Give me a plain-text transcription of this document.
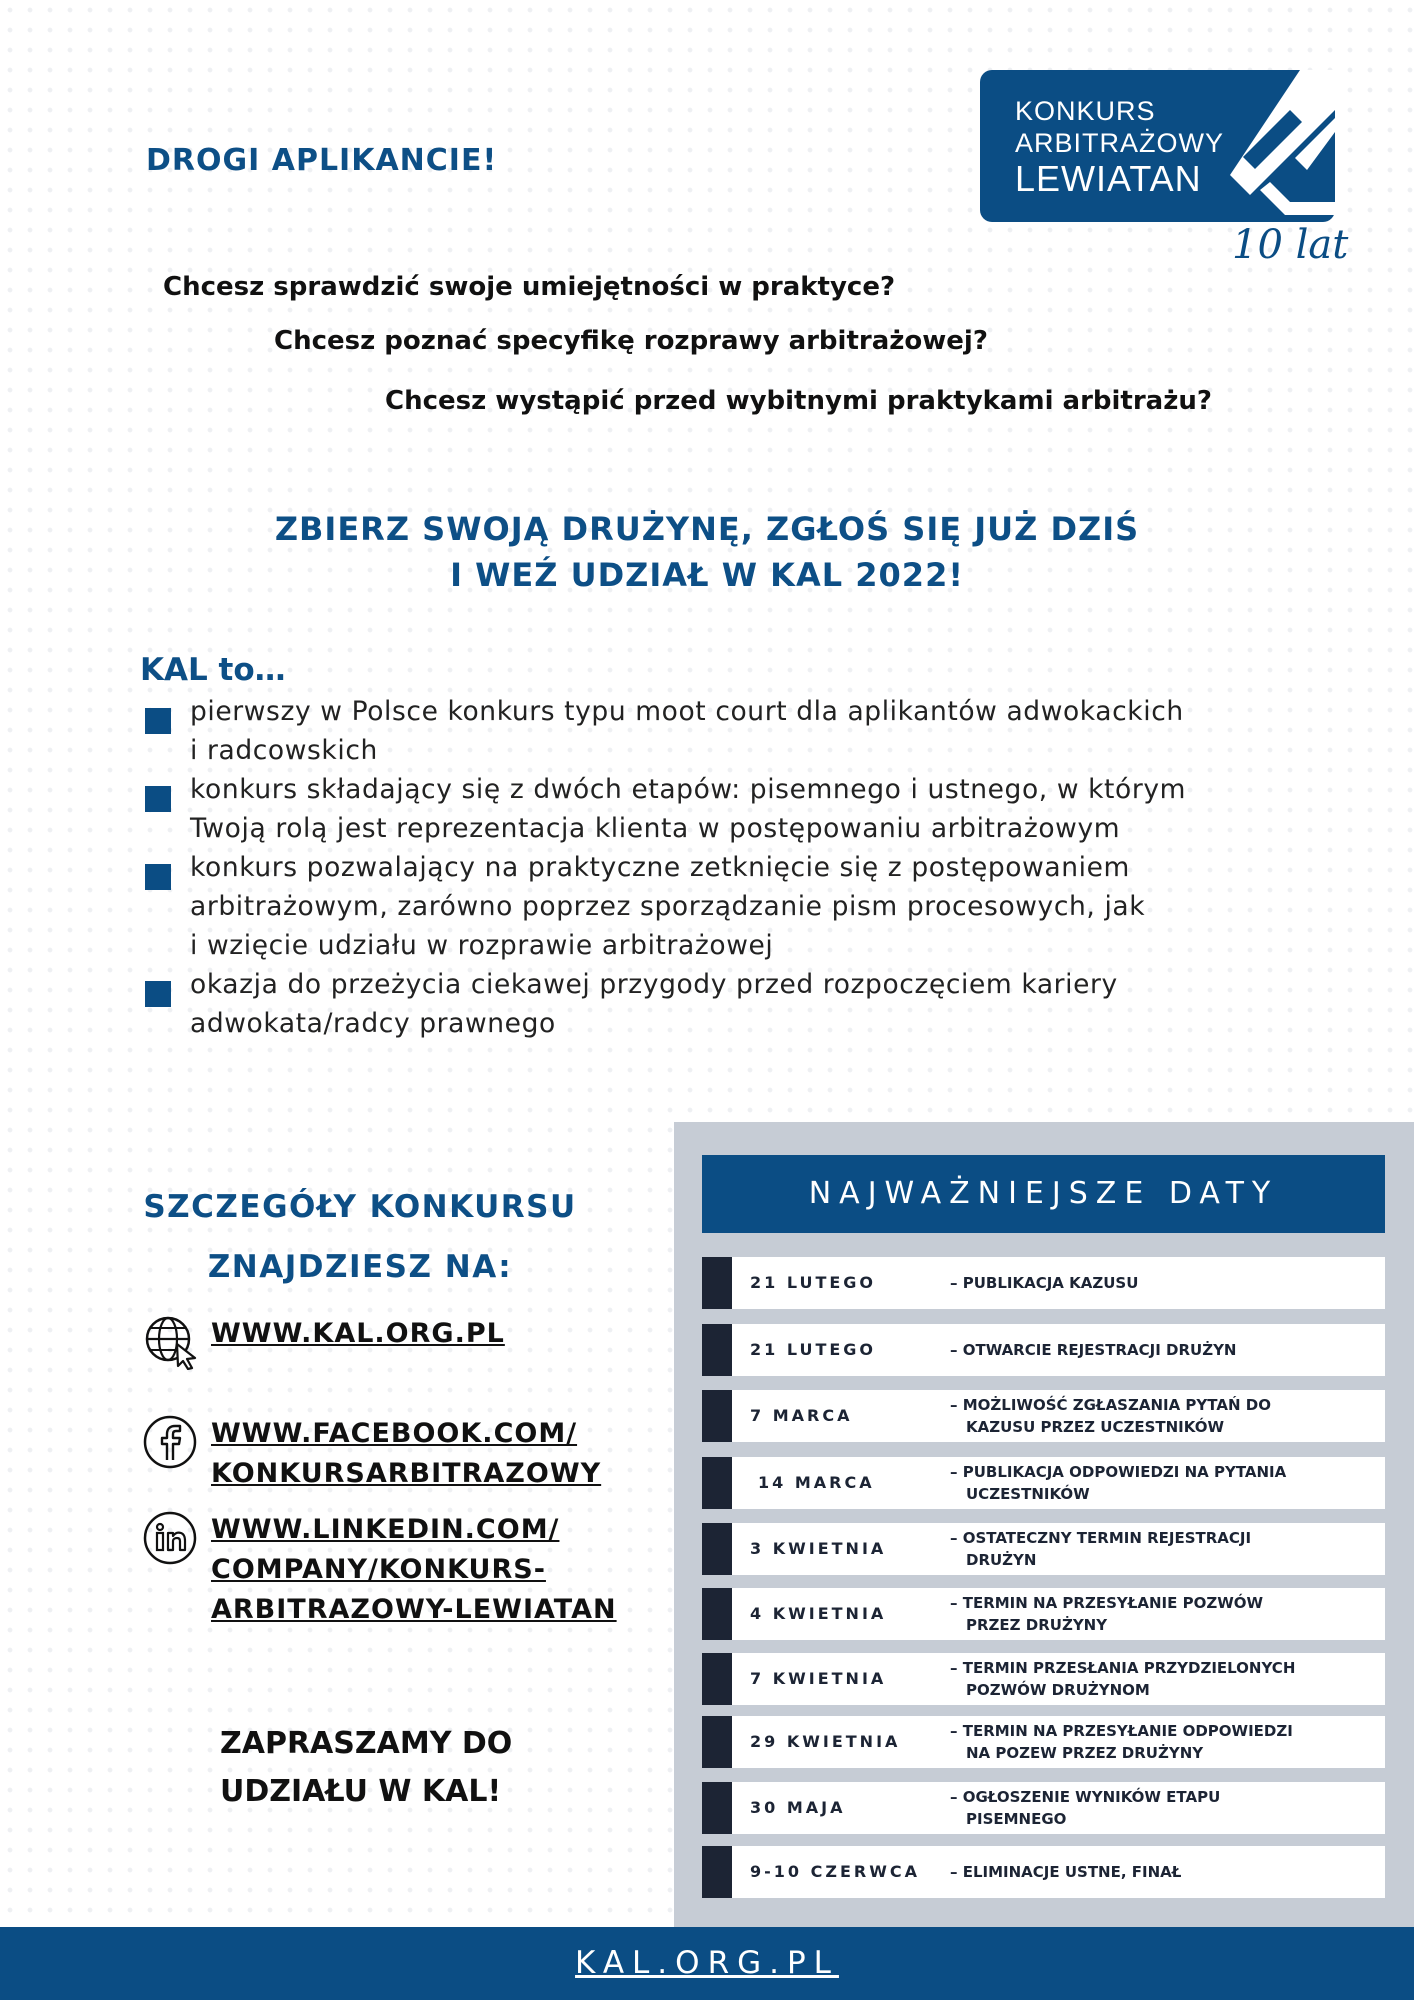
KONKURS
ARBITRAŻOWY
LEWIATAN
10 lat
DROGI APLIKANCIE!
Chcesz sprawdzić swoje umiejętności w praktyce?
Chcesz poznać specyfikę rozprawy arbitrażowej?
Chcesz wystąpić przed wybitnymi praktykami arbitrażu?
ZBIERZ SWOJĄ DRUŻYNĘ, ZGŁOŚ SIĘ JUŻ DZIŚ
I WEŹ UDZIAŁ W KAL 2022!
KAL to…
pierwszy w Polsce konkurs typu moot court dla aplikantów adwokackich
i radcowskich
konkurs składający się z dwóch etapów: pisemnego i ustnego, w którym
Twoją rolą jest reprezentacja klienta w postępowaniu arbitrażowym
konkurs pozwalający na praktyczne zetknięcie się z postępowaniem
arbitrażowym, zarówno poprzez sporządzanie pism procesowych, jak
i wzięcie udziału w rozprawie arbitrażowej
okazja do przeżycia ciekawej przygody przed rozpoczęciem kariery
adwokata/radcy prawnego
SZCZEGÓŁY KONKURSU
ZNAJDZIESZ NA:
WWW.KAL.ORG.PL
WWW.FACEBOOK.COM/
KONKURSARBITRAZOWY
WWW.LINKEDIN.COM/
COMPANY/KONKURS-
ARBITRAZOWY-LEWIATAN
ZAPRASZAMY DO
UDZIAŁU W KAL!
NAJWAŻNIEJSZE DATY
21 LUTEGO	– PUBLIKACJA KAZUSU
21 LUTEGO	– OTWARCIE REJESTRACJI DRUŻYN
7 MARCA
– MOŻLIWOŚĆ ZGŁASZANIA PYTAŃ DO
KAZUSU PRZEZ UCZESTNIKÓW
14 MARCA
– PUBLIKACJA ODPOWIEDZI NA PYTANIA
UCZESTNIKÓW
3 KWIETNIA
– OSTATECZNY TERMIN REJESTRACJI
DRUŻYN
4 KWIETNIA
– TERMIN NA PRZESYŁANIE POZWÓW
PRZEZ DRUŻYNY
7 KWIETNIA
– TERMIN PRZESŁANIA PRZYDZIELONYCH
POZWÓW DRUŻYNOM
29 KWIETNIA
– TERMIN NA PRZESYŁANIE ODPOWIEDZI
NA POZEW PRZEZ DRUŻYNY
30 MAJA
– OGŁOSZENIE WYNIKÓW ETAPU
PISEMNEGO
9-10 CZERWCA – ELIMINACJE USTNE, FINAŁ
KAL.ORG.PL
